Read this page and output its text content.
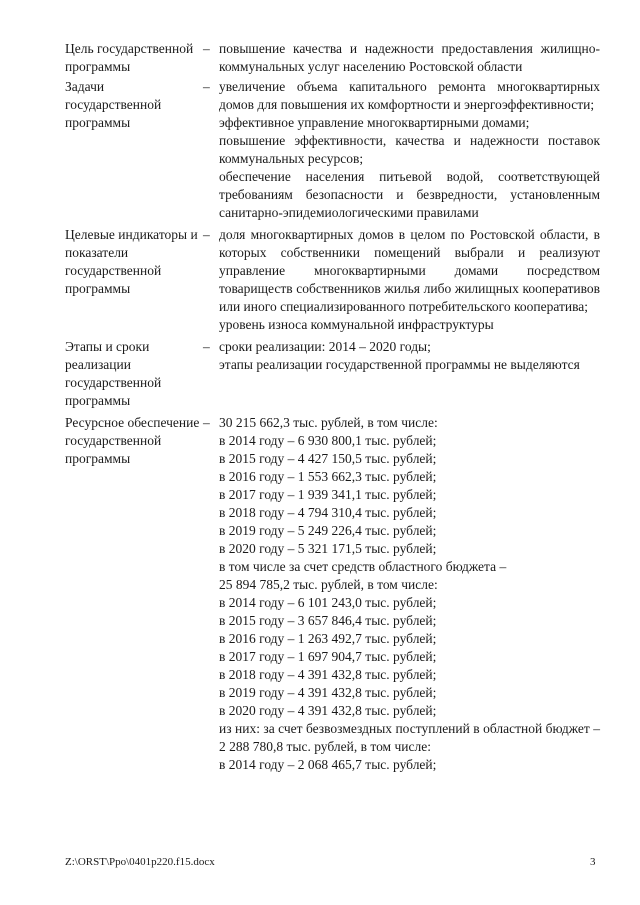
Цель государственной программы
– повышение качества и надежности предоставления жилищно-коммунальных услуг населению Ростовской области
Задачи государственной программы
– увеличение объема капитального ремонта многоквартирных домов для повышения их комфортности и энергоэффективности;
эффективное управление многоквартирными домами;
повышение эффективности, качества и надежности поставок коммунальных ресурсов;
обеспечение населения питьевой водой, соответствующей требованиям безопасности и безвредности, установленным санитарно-эпидемиологическими правилами
Целевые индикаторы и показатели государственной программы
– доля многоквартирных домов в целом по Ростовской области, в которых собственники помещений выбрали и реализуют управление многоквартирными домами посредством товариществ собственников жилья либо жилищных кооперативов или иного специализированного потребительского кооператива;
уровень износа коммунальной инфраструктуры
Этапы и сроки реализации государственной программы
– сроки реализации: 2014 – 2020 годы;
этапы реализации государственной программы не выделяются
Ресурсное обеспечение государственной программы
– 30 215 662,3 тыс. рублей, в том числе:
в 2014 году – 6 930 800,1 тыс. рублей;
в 2015 году – 4 427 150,5 тыс. рублей;
в 2016 году – 1 553 662,3 тыс. рублей;
в 2017 году – 1 939 341,1 тыс. рублей;
в 2018 году – 4 794 310,4 тыс. рублей;
в 2019 году – 5 249 226,4 тыс. рублей;
в 2020 году – 5 321 171,5 тыс. рублей;
в том числе за счет средств областного бюджета –
25 894 785,2 тыс. рублей, в том числе:
в 2014 году – 6 101 243,0 тыс. рублей;
в 2015 году – 3 657 846,4 тыс. рублей;
в 2016 году – 1 263 492,7 тыс. рублей;
в 2017 году – 1 697 904,7 тыс. рублей;
в 2018 году – 4 391 432,8 тыс. рублей;
в 2019 году – 4 391 432,8 тыс. рублей;
в 2020 году – 4 391 432,8 тыс. рублей;
из них: за счет безвозмездных поступлений в областной бюджет – 2 288 780,8 тыс. рублей, в том числе:
в 2014 году – 2 068 465,7 тыс. рублей;
Z:\ORST\Ppo\0401p220.f15.docx	3
